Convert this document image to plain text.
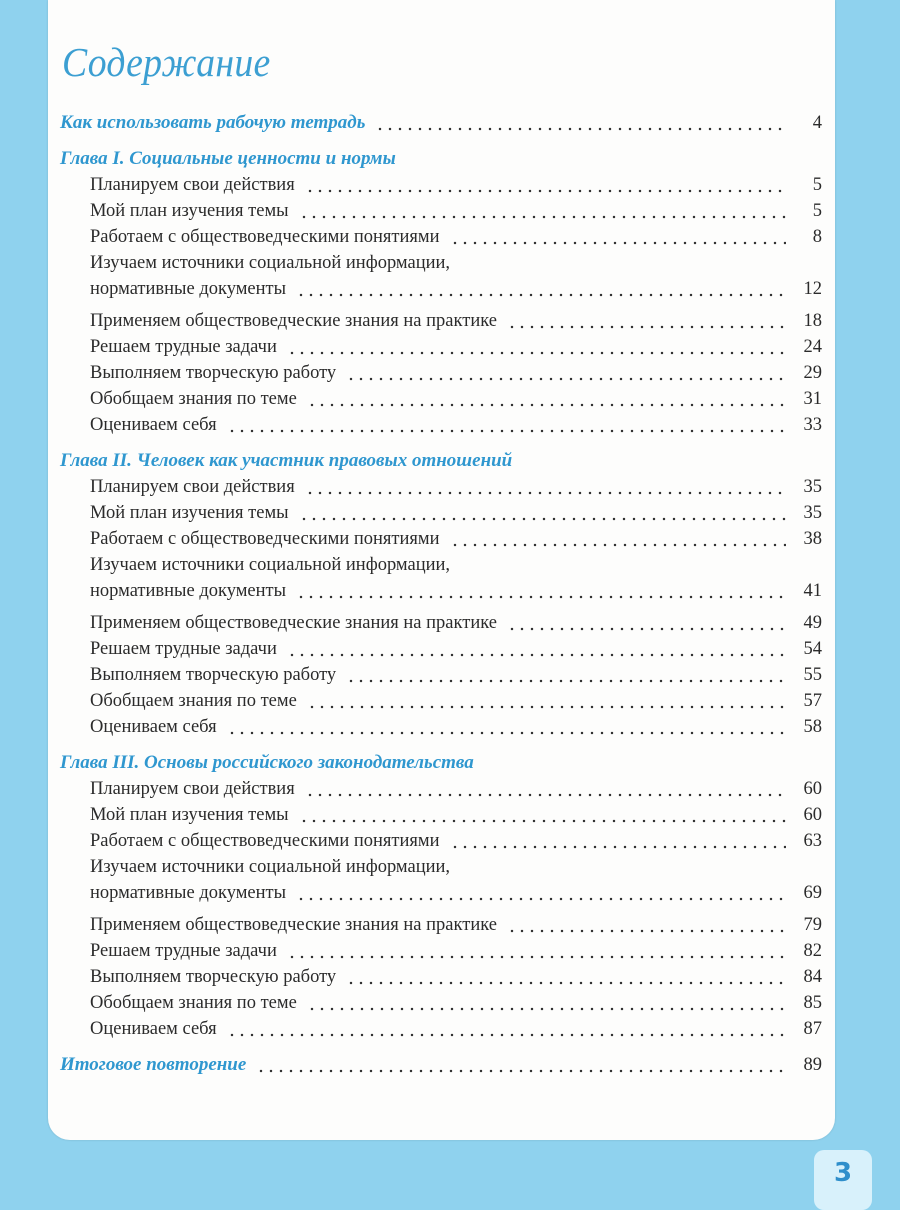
Содержание
Как использовать рабочую тетрадь	4
Глава I. Социальные ценности и нормы
Планируем свои действия	5
Мой план изучения темы	5
Работаем с обществоведческими понятиями	8
Изучаем источники социальной информации,
нормативные документы	12
Применяем обществоведческие знания на практике	18
Решаем трудные задачи	24
Выполняем творческую работу	29
Обобщаем знания по теме	31
Оцениваем себя	33
Глава II. Человек как участник правовых отношений
Планируем свои действия	35
Мой план изучения темы	35
Работаем с обществоведческими понятиями	38
Изучаем источники социальной информации,
нормативные документы	41
Применяем обществоведческие знания на практике	49
Решаем трудные задачи	54
Выполняем творческую работу	55
Обобщаем знания по теме	57
Оцениваем себя	58
Глава III. Основы российского законодательства
Планируем свои действия	60
Мой план изучения темы	60
Работаем с обществоведческими понятиями	63
Изучаем источники социальной информации,
нормативные документы	69
Применяем обществоведческие знания на практике	79
Решаем трудные задачи	82
Выполняем творческую работу	84
Обобщаем знания по теме	85
Оцениваем себя	87
Итоговое повторение	89
3
